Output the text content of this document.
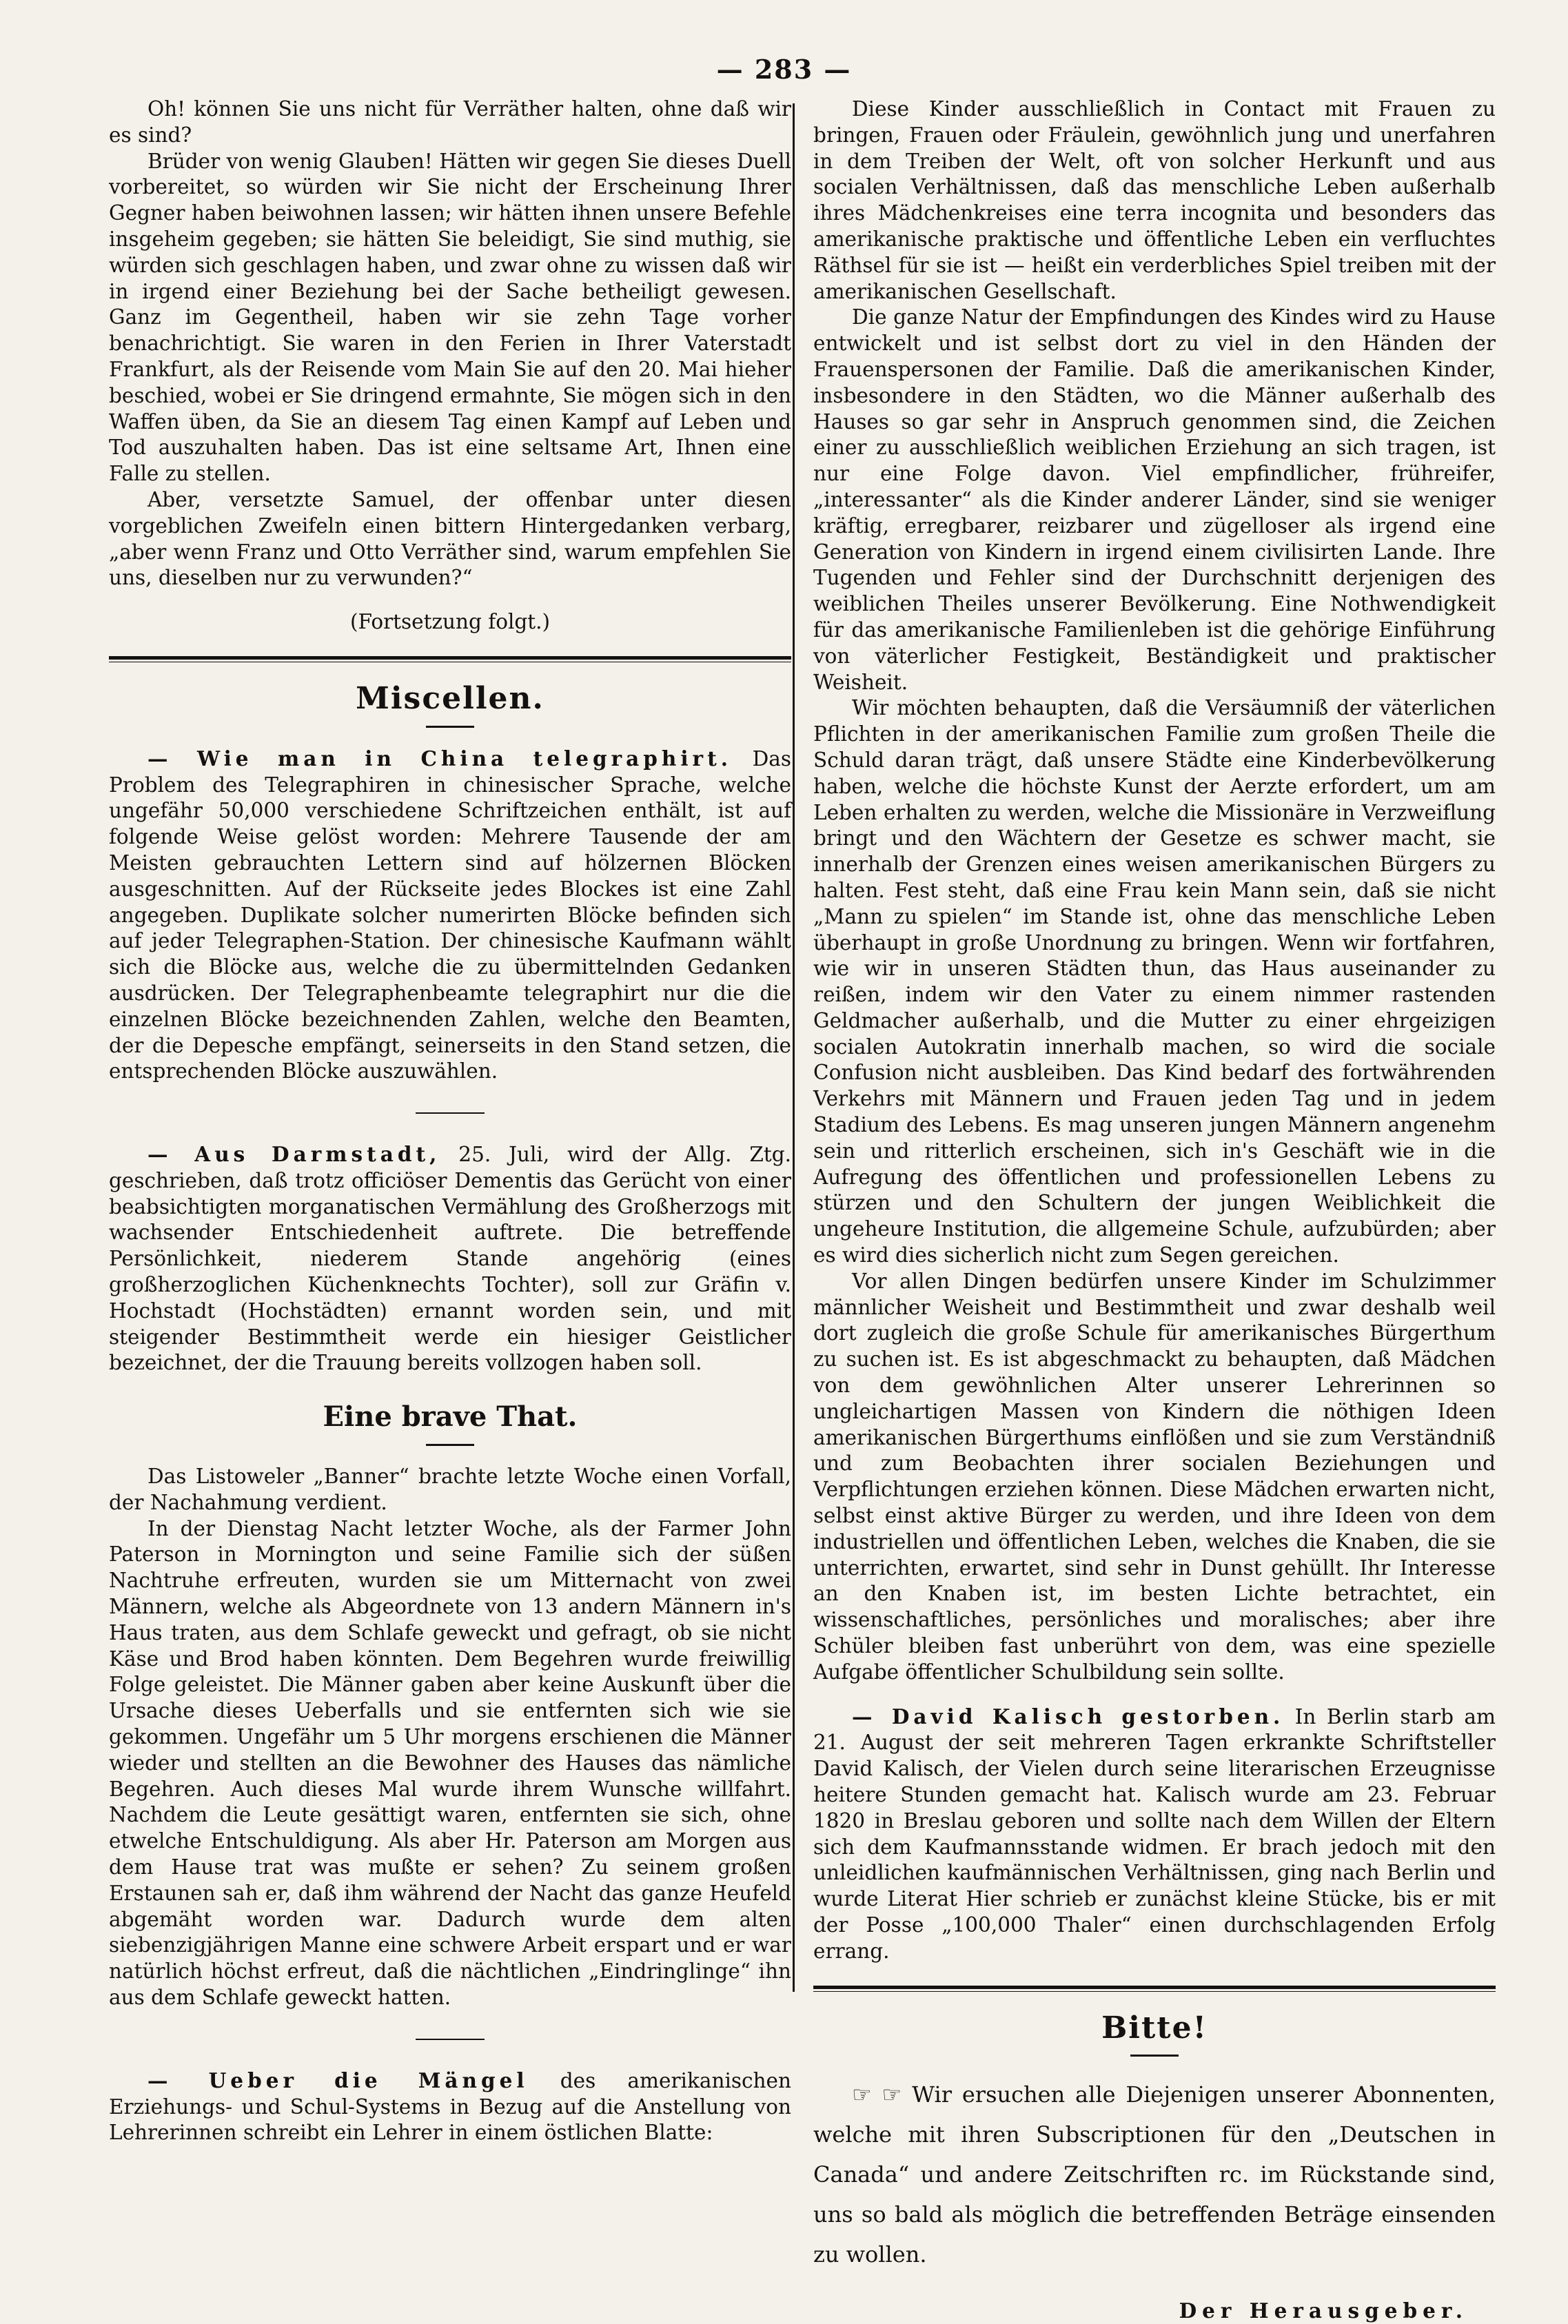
— 283 —

Oh! können Sie uns nicht für Verräther halten, ohne daß wir es sind?

Brüder von wenig Glauben! Hätten wir gegen Sie dieses Duell vorbereitet, so würden wir Sie nicht der Erscheinung Ihrer Gegner haben beiwohnen lassen; wir hätten ihnen unsere Befehle insgeheim gegeben; sie hätten Sie beleidigt, Sie sind muthig, sie würden sich geschlagen haben, und zwar ohne zu wissen daß wir in irgend einer Beziehung bei der Sache betheiligt gewesen. Ganz im Gegentheil, haben wir sie zehn Tage vorher benachrichtigt. Sie waren in den Ferien in Ihrer Vaterstadt Frankfurt, als der Reisende vom Main Sie auf den 20. Mai hieher beschied, wobei er Sie dringend ermahnte, Sie mögen sich in den Waffen üben, da Sie an diesem Tag einen Kampf auf Leben und Tod auszuhalten haben. Das ist eine seltsame Art, Ihnen eine Falle zu stellen.

Aber, versetzte Samuel, der offenbar unter diesen vorgeblichen Zweifeln einen bittern Hintergedanken verbarg, „aber wenn Franz und Otto Verräther sind, warum empfehlen Sie uns, dieselben nur zu verwunden?“

(Fortsetzung folgt.)

Miscellen.

— Wie man in China telegraphirt. Das Problem des Telegraphiren in chinesischer Sprache, welche ungefähr 50,000 verschiedene Schriftzeichen enthält, ist auf folgende Weise gelöst worden: Mehrere Tausende der am Meisten gebrauchten Lettern sind auf hölzernen Blöcken ausgeschnitten. Auf der Rückseite jedes Blockes ist eine Zahl angegeben. Duplikate solcher numerirten Blöcke befinden sich auf jeder Telegraphen-Station. Der chinesische Kaufmann wählt sich die Blöcke aus, welche die zu übermittelnden Gedanken ausdrücken. Der Telegraphenbeamte telegraphirt nur die die einzelnen Blöcke bezeichnenden Zahlen, welche den Beamten, der die Depesche empfängt, seinerseits in den Stand setzen, die entsprechenden Blöcke auszuwählen.

— Aus Darmstadt, 25. Juli, wird der Allg. Ztg. geschrieben, daß trotz officiöser Dementis das Gerücht von einer beabsichtigten morganatischen Vermählung des Großherzogs mit wachsender Entschiedenheit auftrete. Die betreffende Persönlichkeit, niederem Stande angehörig (eines großherzoglichen Küchenknechts Tochter), soll zur Gräfin v. Hochstadt (Hochstädten) ernannt worden sein, und mit steigender Bestimmtheit werde ein hiesiger Geistlicher bezeichnet, der die Trauung bereits vollzogen haben soll.

Eine brave That.

Das Listoweler „Banner“ brachte letzte Woche einen Vorfall, der Nachahmung verdient.

In der Dienstag Nacht letzter Woche, als der Farmer John Paterson in Mornington und seine Familie sich der süßen Nachtruhe erfreuten, wurden sie um Mitternacht von zwei Männern, welche als Abgeordnete von 13 andern Männern in's Haus traten, aus dem Schlafe geweckt und gefragt, ob sie nicht Käse und Brod haben könnten. Dem Begehren wurde freiwillig Folge geleistet. Die Männer gaben aber keine Auskunft über die Ursache dieses Ueberfalls und sie entfernten sich wie sie gekommen. Ungefähr um 5 Uhr morgens erschienen die Männer wieder und stellten an die Bewohner des Hauses das nämliche Begehren. Auch dieses Mal wurde ihrem Wunsche willfahrt. Nachdem die Leute gesättigt waren, entfernten sie sich, ohne etwelche Entschuldigung. Als aber Hr. Paterson am Morgen aus dem Hause trat was mußte er sehen? Zu seinem großen Erstaunen sah er, daß ihm während der Nacht das ganze Heufeld abgemäht worden war. Dadurch wurde dem alten siebenzigjährigen Manne eine schwere Arbeit erspart und er war natürlich höchst erfreut, daß die nächtlichen „Eindringlinge“ ihn aus dem Schlafe geweckt hatten.

— Ueber die Mängel des amerikanischen Erziehungs- und Schul-Systems in Bezug auf die Anstellung von Lehrerinnen schreibt ein Lehrer in einem östlichen Blatte:

Diese Kinder ausschließlich in Contact mit Frauen zu bringen, Frauen oder Fräulein, gewöhnlich jung und unerfahren in dem Treiben der Welt, oft von solcher Herkunft und aus socialen Verhältnissen, daß das menschliche Leben außerhalb ihres Mädchenkreises eine terra incognita und besonders das amerikanische praktische und öffentliche Leben ein verfluchtes Räthsel für sie ist — heißt ein verderbliches Spiel treiben mit der amerikanischen Gesellschaft.

Die ganze Natur der Empfindungen des Kindes wird zu Hause entwickelt und ist selbst dort zu viel in den Händen der Frauenspersonen der Familie. Daß die amerikanischen Kinder, insbesondere in den Städten, wo die Männer außerhalb des Hauses so gar sehr in Anspruch genommen sind, die Zeichen einer zu ausschließlich weiblichen Erziehung an sich tragen, ist nur eine Folge davon. Viel empfindlicher, frühreifer, „interessanter“ als die Kinder anderer Länder, sind sie weniger kräftig, erregbarer, reizbarer und zügelloser als irgend eine Generation von Kindern in irgend einem civilisirten Lande. Ihre Tugenden und Fehler sind der Durchschnitt derjenigen des weiblichen Theiles unserer Bevölkerung. Eine Nothwendigkeit für das amerikanische Familienleben ist die gehörige Einführung von väterlicher Festigkeit, Beständigkeit und praktischer Weisheit.

Wir möchten behaupten, daß die Versäumniß der väterlichen Pflichten in der amerikanischen Familie zum großen Theile die Schuld daran trägt, daß unsere Städte eine Kinderbevölkerung haben, welche die höchste Kunst der Aerzte erfordert, um am Leben erhalten zu werden, welche die Missionäre in Verzweiflung bringt und den Wächtern der Gesetze es schwer macht, sie innerhalb der Grenzen eines weisen amerikanischen Bürgers zu halten. Fest steht, daß eine Frau kein Mann sein, daß sie nicht „Mann zu spielen“ im Stande ist, ohne das menschliche Leben überhaupt in große Unordnung zu bringen. Wenn wir fortfahren, wie wir in unseren Städten thun, das Haus auseinander zu reißen, indem wir den Vater zu einem nimmer rastenden Geldmacher außerhalb, und die Mutter zu einer ehrgeizigen socialen Autokratin innerhalb machen, so wird die sociale Confusion nicht ausbleiben. Das Kind bedarf des fortwährenden Verkehrs mit Männern und Frauen jeden Tag und in jedem Stadium des Lebens. Es mag unseren jungen Männern angenehm sein und ritterlich erscheinen, sich in's Geschäft wie in die Aufregung des öffentlichen und professionellen Lebens zu stürzen und den Schultern der jungen Weiblichkeit die ungeheure Institution, die allgemeine Schule, aufzubürden; aber es wird dies sicherlich nicht zum Segen gereichen.

Vor allen Dingen bedürfen unsere Kinder im Schulzimmer männlicher Weisheit und Bestimmtheit und zwar deshalb weil dort zugleich die große Schule für amerikanisches Bürgerthum zu suchen ist. Es ist abgeschmackt zu behaupten, daß Mädchen von dem gewöhnlichen Alter unserer Lehrerinnen so ungleichartigen Massen von Kindern die nöthigen Ideen amerikanischen Bürgerthums einflößen und sie zum Verständniß und zum Beobachten ihrer socialen Beziehungen und Verpflichtungen erziehen können. Diese Mädchen erwarten nicht, selbst einst aktive Bürger zu werden, und ihre Ideen von dem industriellen und öffentlichen Leben, welches die Knaben, die sie unterrichten, erwartet, sind sehr in Dunst gehüllt. Ihr Interesse an den Knaben ist, im besten Lichte betrachtet, ein wissenschaftliches, persönliches und moralisches; aber ihre Schüler bleiben fast unberührt von dem, was eine spezielle Aufgabe öffentlicher Schulbildung sein sollte.

— David Kalisch gestorben. In Berlin starb am 21. August der seit mehreren Tagen erkrankte Schriftsteller David Kalisch, der Vielen durch seine literarischen Erzeugnisse heitere Stunden gemacht hat. Kalisch wurde am 23. Februar 1820 in Breslau geboren und sollte nach dem Willen der Eltern sich dem Kaufmannsstande widmen. Er brach jedoch mit den unleidlichen kaufmännischen Verhältnissen, ging nach Berlin und wurde Literat Hier schrieb er zunächst kleine Stücke, bis er mit der Posse „100,000 Thaler“ einen durchschlagenden Erfolg errang.

Bitte!

☞ ☞ Wir ersuchen alle Diejenigen unserer Abonnenten, welche mit ihren Subscriptionen für den „Deutschen in Canada“ und andere Zeitschriften rc. im Rückstande sind, uns so bald als möglich die betreffenden Beträge einsenden zu wollen.

Der Herausgeber.
